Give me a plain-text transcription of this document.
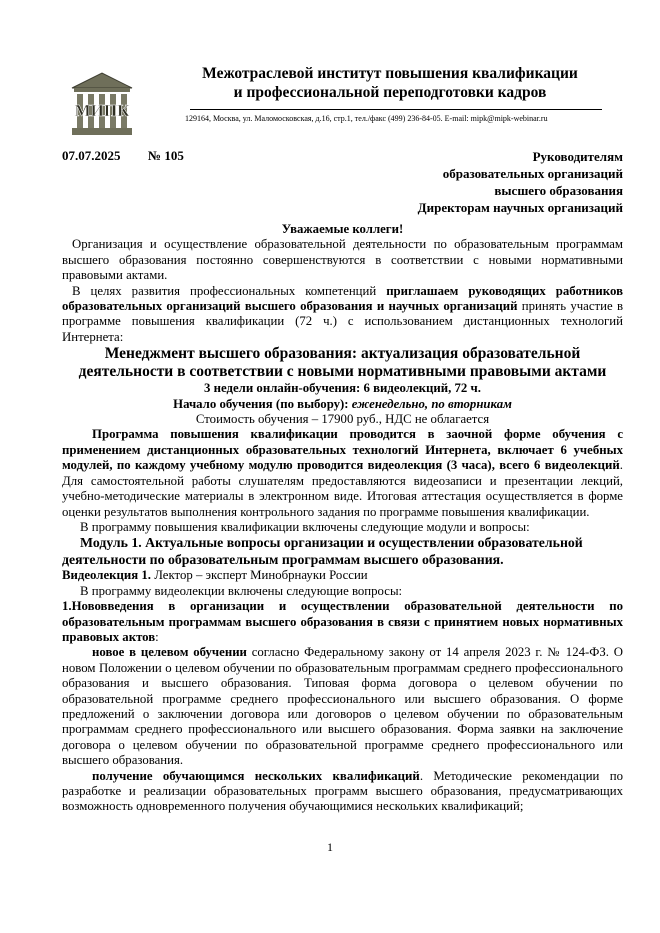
МИПК
Межотраслевой институт повышения квалификации
и профессиональной переподготовки кадров
129164, Москва, ул. Маломосковская, д.16, стр.1, тел./факс (499) 236-84-05. E-mail: mipk@mipk-webinar.ru
07.07.2025 № 105	Руководителям
образовательных организаций
высшего образования
Директорам научных организаций

Уважаемые коллеги!

Организация и осуществление образовательной деятельности по образовательным программам высшего образования постоянно совершенствуются в соответствии с новыми нормативными правовыми актами.

В целях развития профессиональных компетенций приглашаем руководящих работников образовательных организаций высшего образования и научных организаций принять участие в программе повышения квалификации (72 ч.) с использованием дистанционных технологий Интернета:

Менеджмент высшего образования: актуализация образовательной деятельности в соответствии с новыми нормативными правовыми актами

3 недели онлайн-обучения: 6 видеолекций, 72 ч.

Начало обучения (по выбору): еженедельно, по вторникам

Стоимость обучения – 17900 руб., НДС не облагается

Программа повышения квалификации проводится в заочной форме обучения с применением дистанционных образовательных технологий Интернета, включает 6 учебных модулей, по каждому учебному модулю проводится видеолекция (3 часа), всего 6 видеолекций. Для самостоятельной работы слушателям предоставляются видеозаписи и презентации лекций, учебно-методические материалы в электронном виде. Итоговая аттестация осуществляется в форме оценки результатов выполнения контрольного задания по программе повышения квалификации.

В программу повышения квалификации включены следующие модули и вопросы:

Модуль 1. Актуальные вопросы организации и осуществлении образовательной деятельности по образовательным программам высшего образования.

Видеолекция 1. Лектор – эксперт Минобрнауки России

В программу видеолекции включены следующие вопросы:

1.Нововведения в организации и осуществлении образовательной деятельности по образовательным программам высшего образования в связи с принятием новых нормативных правовых актов:

новое в целевом обучении согласно Федеральному закону от 14 апреля 2023 г. № 124-ФЗ. О новом Положении о целевом обучении по образовательным программам среднего профессионального образования и высшего образования. Типовая форма договора о целевом обучении по образовательной программе среднего профессионального или высшего образования. О форме предложений о заключении договора или договоров о целевом обучении по образовательным программам среднего профессионального или высшего образования. Форма заявки на заключение договора о целевом обучении по образовательной программе среднего профессионального или высшего образования.

получение обучающимся нескольких квалификаций. Методические рекомендации по разработке и реализации образовательных программ высшего образования, предусматривающих возможность одновременного получения обучающимися нескольких квалификаций;

1
